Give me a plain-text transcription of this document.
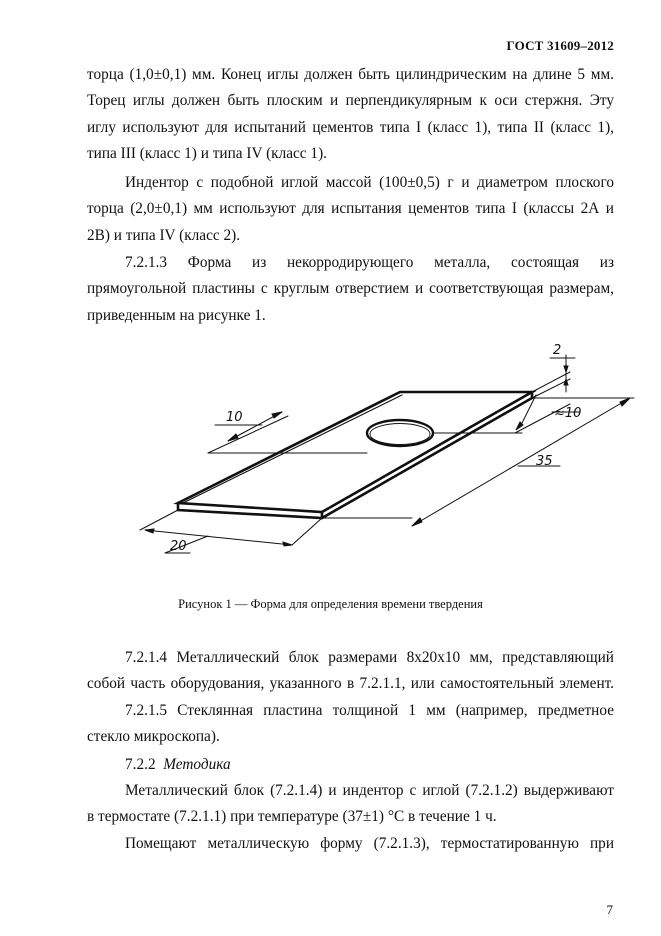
ГОСТ 31609–2012
торца (1,0±0,1) мм. Конец иглы должен быть цилиндрическим на длине 5 мм.
Торец иглы должен быть плоским и перпендикулярным к оси стержня. Эту
иглу используют для испытаний цементов типа I (класс 1), типа II (класс 1),
типа III (класс 1) и типа IV (класс 1).
Индентор с подобной иглой массой (100±0,5) г и диаметром плоского
торца (2,0±0,1) мм используют для испытания цементов типа I (классы 2А и
2В) и типа IV (класс 2).
7.2.1.3 Форма из некорродирующего металла, состоящая из
прямоугольной пластины с круглым отверстием и соответствующая размерам,
приведенным на рисунке 1.
2
10	≈10
35
20
Рисунок 1 — Форма для определения времени твердения
7.2.1.4 Металлический блок размерами 8х20х10 мм, представляющий
собой часть оборудования, указанного в 7.2.1.1, или самостоятельный элемент.
7.2.1.5 Стеклянная пластина толщиной 1 мм (например, предметное
стекло микроскопа).
7.2.2 Методика
Металлический блок (7.2.1.4) и индентор с иглой (7.2.1.2) выдерживают
в термостате (7.2.1.1) при температуре (37±1) °С в течение 1 ч.
Помещают металлическую форму (7.2.1.3), термостатированную при
7
